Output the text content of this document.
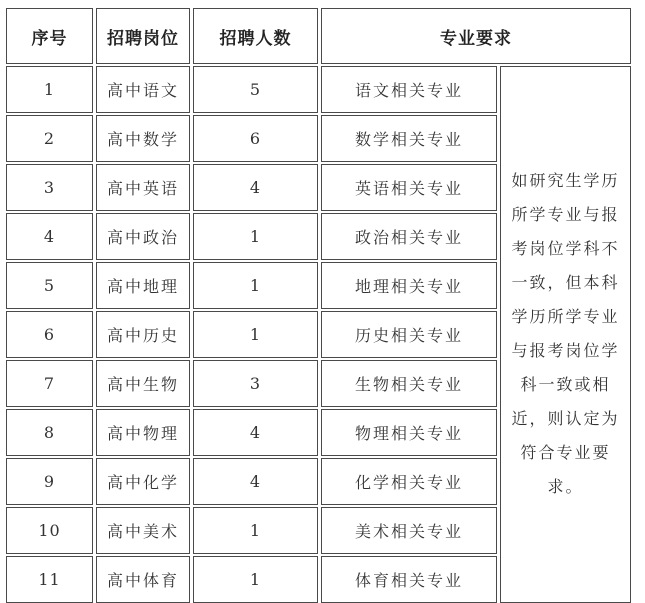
序号	招聘岗位	招聘人数	专业要求
1	高中语文	5	语文相关专业
如研究生学历所学专业与报考岗位学科不一致，但本科学历所学专业与报考岗位学科一致或相近，则认定为符合专业要求。
2	高中数学	6	数学相关专业
3	高中英语	4	英语相关专业
4	高中政治	1	政治相关专业
5	高中地理	1	地理相关专业
6	高中历史	1	历史相关专业
7	高中生物	3	生物相关专业
8	高中物理	4	物理相关专业
9	高中化学	4	化学相关专业
10	高中美术	1	美术相关专业
11	高中体育	1	体育相关专业
